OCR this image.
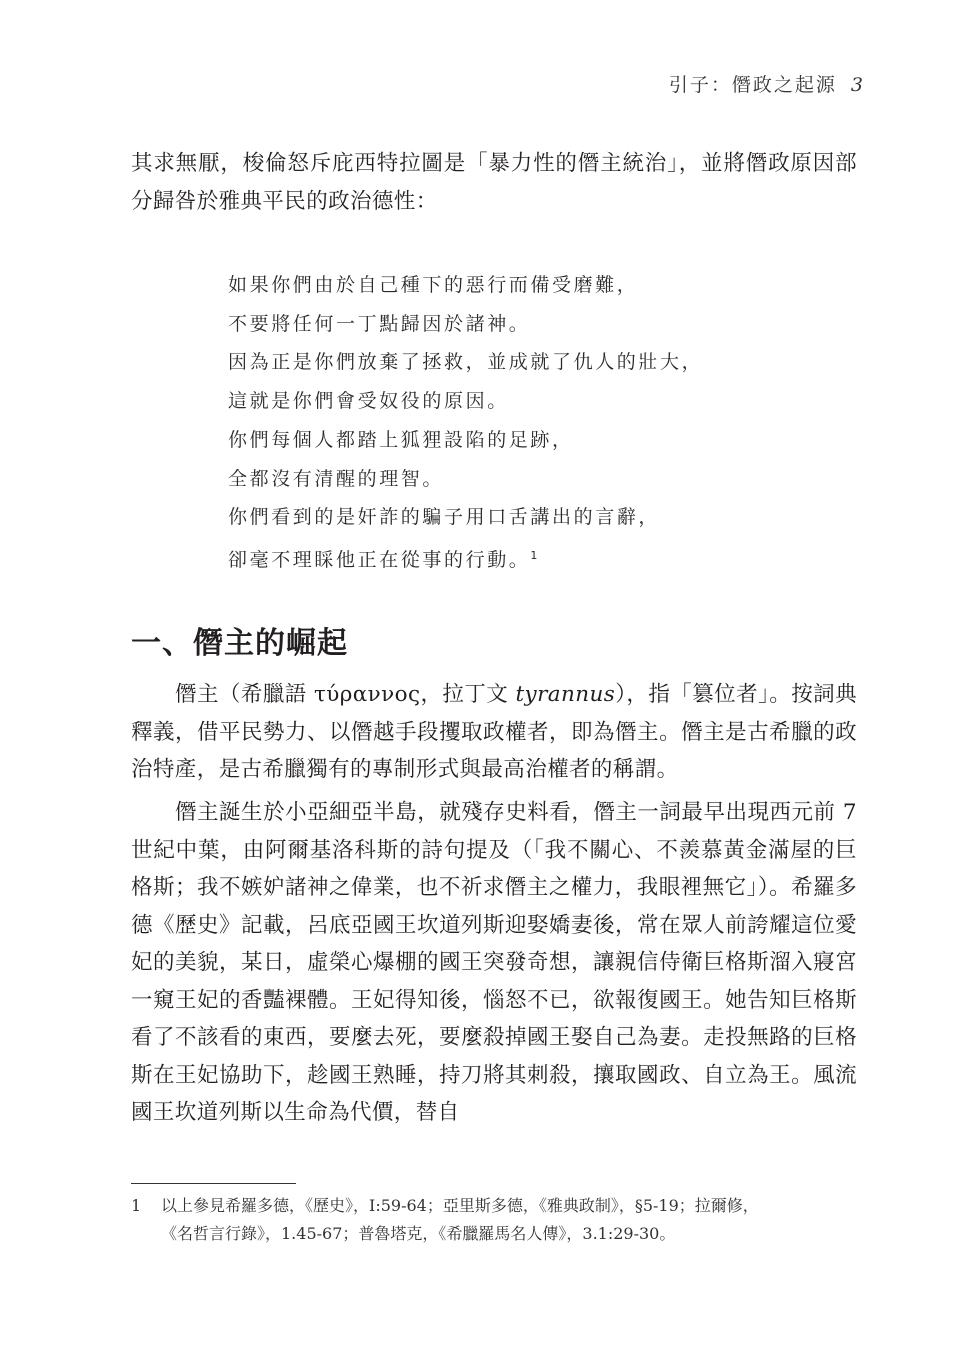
引子：僭政之起源 3

其求無厭，梭倫怒斥庇西特拉圖是「暴力性的僭主統治」，並將僭政原因部分歸咎於雅典平民的政治德性：

如果你們由於自己種下的惡行而備受磨難，
不要將任何一丁點歸因於諸神。
因為正是你們放棄了拯救，並成就了仇人的壯大，
這就是你們會受奴役的原因。
你們每個人都踏上狐狸設陷的足跡，
全都沒有清醒的理智。
你們看到的是奸詐的騙子用口舌講出的言辭，
卻毫不理睬他正在從事的行動。$^1$
一、僭主的崛起

僭主（希臘語 τύραννος，拉丁文 tyrannus），指「篡位者」。按詞典釋義，借平民勢力、以僭越手段攫取政權者，即為僭主。僭主是古希臘的政治特產，是古希臘獨有的專制形式與最高治權者的稱謂。

僭主誕生於小亞細亞半島，就殘存史料看，僭主一詞最早出現西元前 7 世紀中葉，由阿爾基洛科斯的詩句提及（「我不關心、不羨慕黃金滿屋的巨格斯；我不嫉妒諸神之偉業，也不祈求僭主之權力，我眼裡無它」）。希羅多德《歷史》記載，呂底亞國王坎道列斯迎娶嬌妻後，常在眾人前誇耀這位愛妃的美貌，某日，虛榮心爆棚的國王突發奇想，讓親信侍衛巨格斯溜入寢宮一窺王妃的香豔裸體。王妃得知後，惱怒不已，欲報復國王。她告知巨格斯看了不該看的東西，要麼去死，要麼殺掉國王娶自己為妻。走投無路的巨格斯在王妃協助下，趁國王熟睡，持刀將其刺殺，攘取國政、自立為王。風流國王坎道列斯以生命為代價，替自

1 以上參見希羅多德，《歷史》，I:59-64；亞里斯多德，《雅典政制》，§5-19；拉爾修，
《名哲言行錄》，1.45-67；普魯塔克，《希臘羅馬名人傳》，3.1:29-30。
